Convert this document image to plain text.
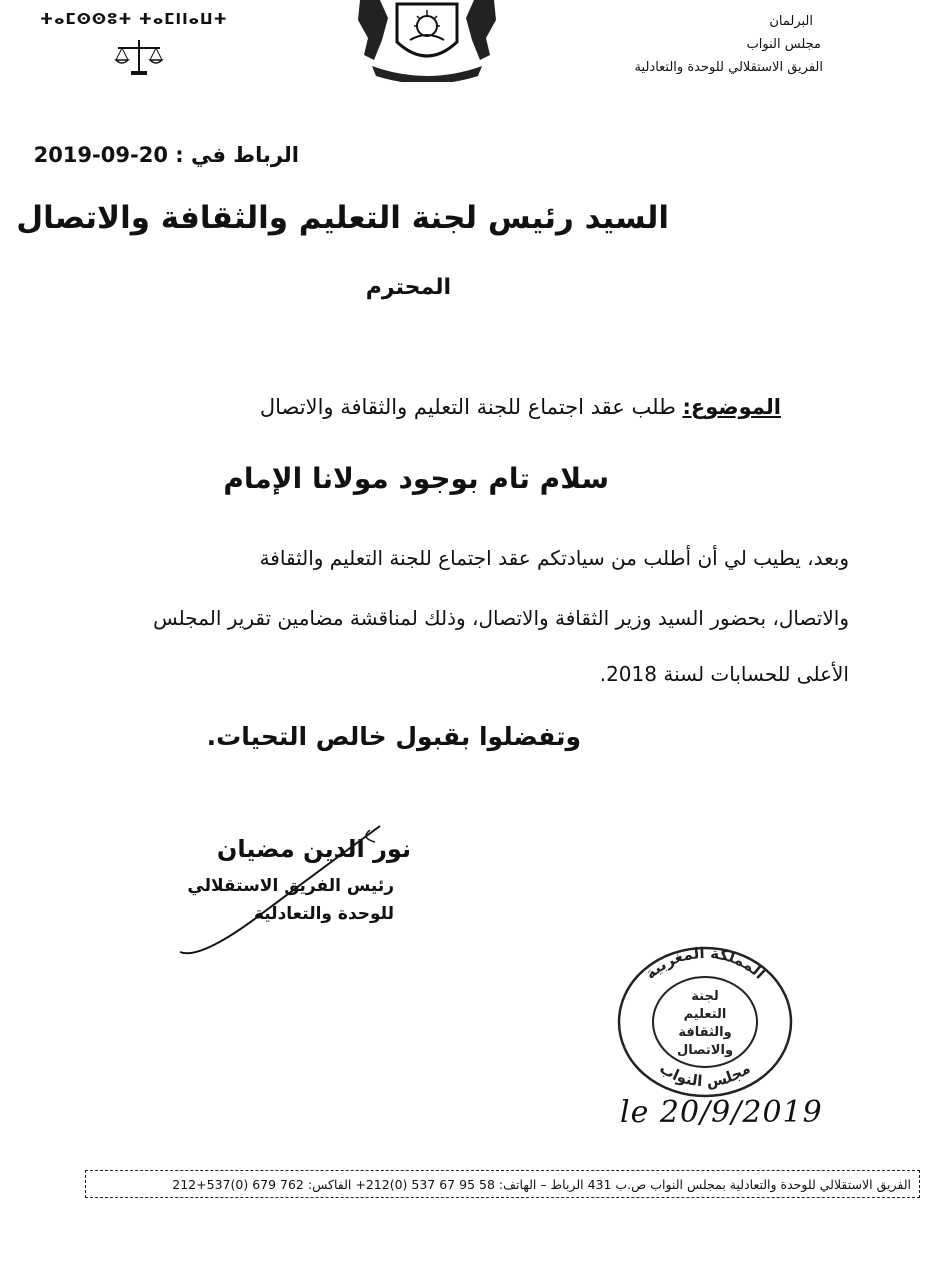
ⵜⴰⵎⵙⵙⵓⵜ ⵜⴰⵎⵏⵏⴰⵡⵜ	البرلمان
مجلس النواب
الفريق الاستقلالي للوحدة والتعادلية
الرباط في : 20-09-2019
السيد رئيس لجنة التعليم والثقافة والاتصال
المحترم
الموضوع: طلب عقد اجتماع للجنة التعليم والثقافة والاتصال
سلام تام بوجود مولانا الإمام
وبعد، يطيب لي أن أطلب من سيادتكم عقد اجتماع للجنة التعليم والثقافة
والاتصال، بحضور السيد وزير الثقافة والاتصال، وذلك لمناقشة مضامين تقرير المجلس
الأعلى للحسابات لسنة 2018.
وتفضلوا بقبول خالص التحيات.
نور الدين مضيان
رئيس الفريق الاستقلالي
للوحدة والتعادلية
المملكة المغربية
مجلس النواب
لجنة
التعليم
والثقافة
والاتصال
le 20/9/2019
الفريق الاستقلالي للوحدة والتعادلية بمجلس النواب ص.ب 431 الرباط – الهاتف: 58 95 67 537 (0)212+ الفاكس: 762 679 (0)537+212
